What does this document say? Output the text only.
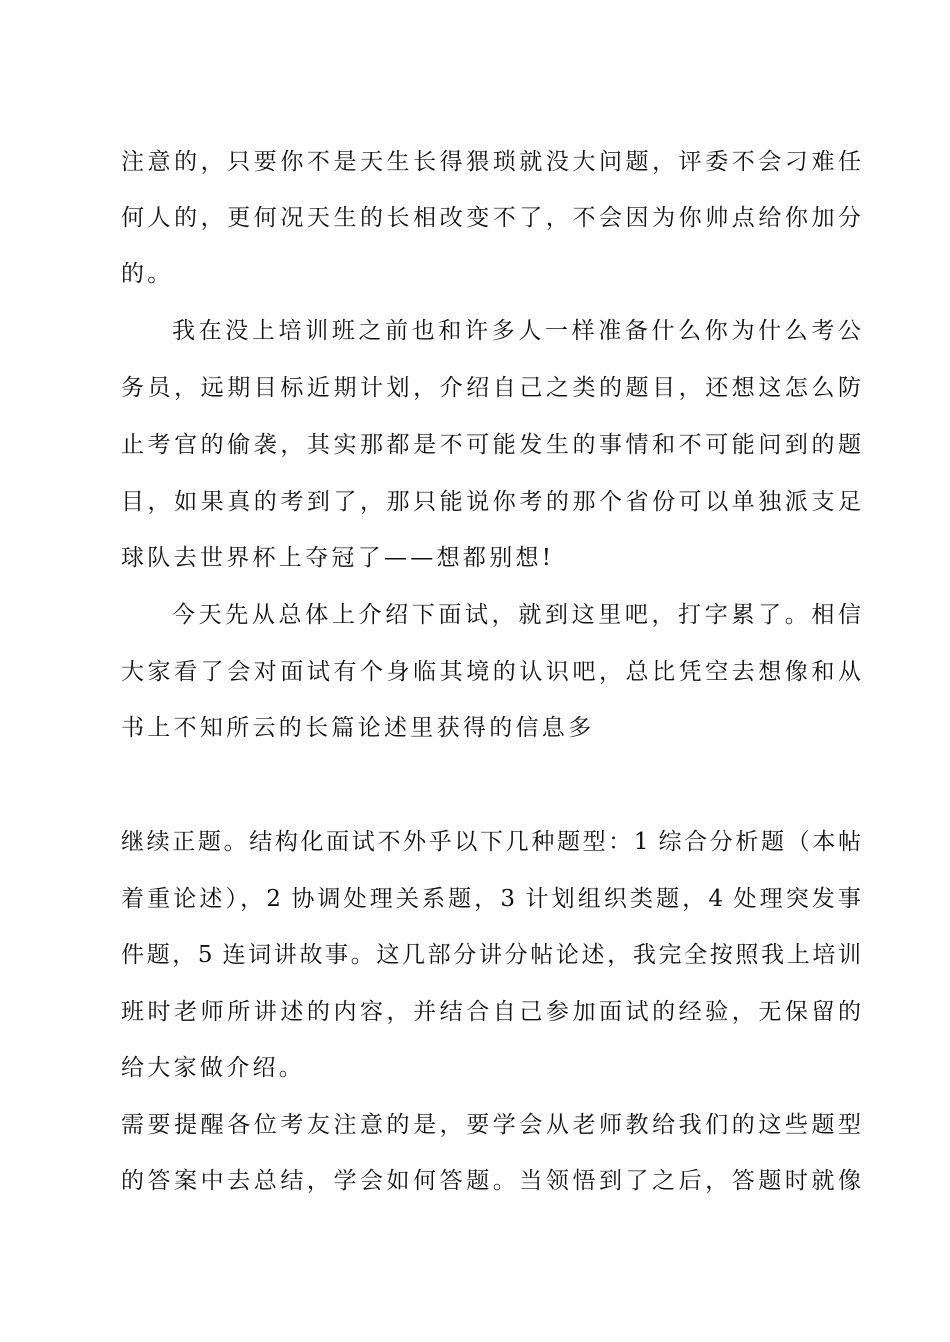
注意的，只要你不是天生长得猥琐就没大问题，评委不会刁难任
何人的，更何况天生的长相改变不了，不会因为你帅点给你加分
的。
我在没上培训班之前也和许多人一样准备什么你为什么考公
务员，远期目标近期计划，介绍自己之类的题目，还想这怎么防
止考官的偷袭，其实那都是不可能发生的事情和不可能问到的题
目，如果真的考到了，那只能说你考的那个省份可以单独派支足
球队去世界杯上夺冠了——想都别想!
今天先从总体上介绍下面试，就到这里吧，打字累了。相信
大家看了会对面试有个身临其境的认识吧，总比凭空去想像和从
书上不知所云的长篇论述里获得的信息多
继续正题。结构化面试不外乎以下几种题型：1 综合分析题（本帖
着重论述），2 协调处理关系题，3 计划组织类题，4 处理突发事
件题，5 连词讲故事。这几部分讲分帖论述，我完全按照我上培训
班时老师所讲述的内容，并结合自己参加面试的经验，无保留的
给大家做介绍。
需要提醒各位考友注意的是，要学会从老师教给我们的这些题型
的答案中去总结，学会如何答题。当领悟到了之后，答题时就像
